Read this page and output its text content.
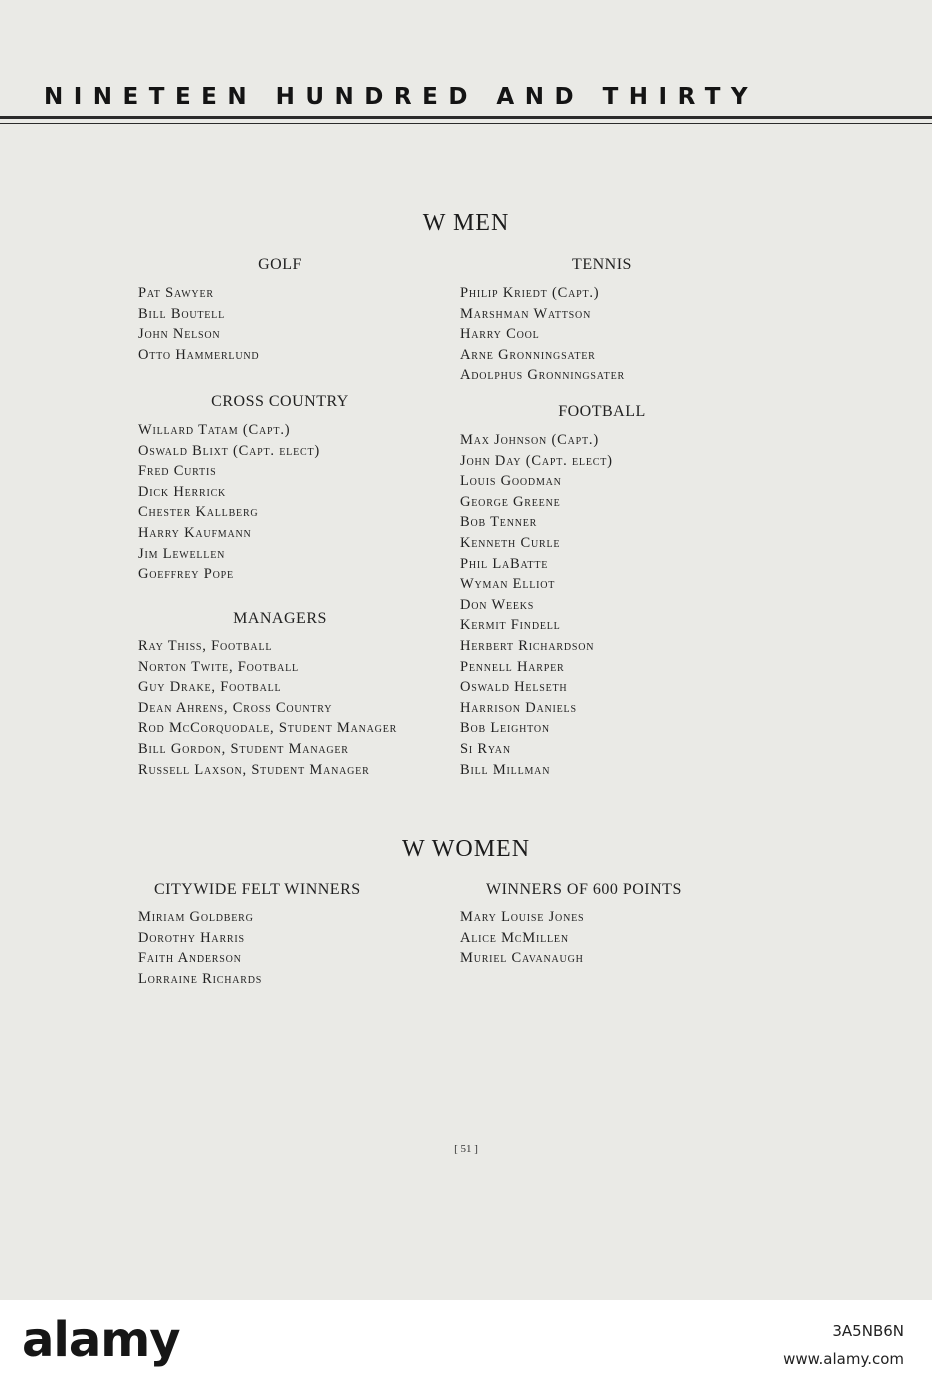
NINETEEN HUNDRED AND THIRTY
W MEN
GOLF
Pat Sawyer
Bill Boutell
John Nelson
Otto Hammerlund
CROSS COUNTRY
Willard Tatam (Capt.)
Oswald Blixt (Capt. elect)
Fred Curtis
Dick Herrick
Chester Kallberg
Harry Kaufmann
Jim Lewellen
Goeffrey Pope
MANAGERS
Ray Thiss, Football
Norton Twite, Football
Guy Drake, Football
Dean Ahrens, Cross Country
Rod McCorquodale, Student Manager
Bill Gordon, Student Manager
Russell Laxson, Student Manager
TENNIS
Philip Kriedt (Capt.)
Marshman Wattson
Harry Cool
Arne Gronningsater
Adolphus Gronningsater
FOOTBALL
Max Johnson (Capt.)
John Day (Capt. elect)
Louis Goodman
George Greene
Bob Tenner
Kenneth Curle
Phil LaBatte
Wyman Elliot
Don Weeks
Kermit Findell
Herbert Richardson
Pennell Harper
Oswald Helseth
Harrison Daniels
Bob Leighton
Si Ryan
Bill Millman
W WOMEN
CITYWIDE FELT WINNERS
Miriam Goldberg
Dorothy Harris
Faith Anderson
Lorraine Richards
WINNERS OF 600 POINTS
Mary Louise Jones
Alice McMillen
Muriel Cavanaugh
[ 51 ]
alamy	3A5NB6N
www.alamy.com
